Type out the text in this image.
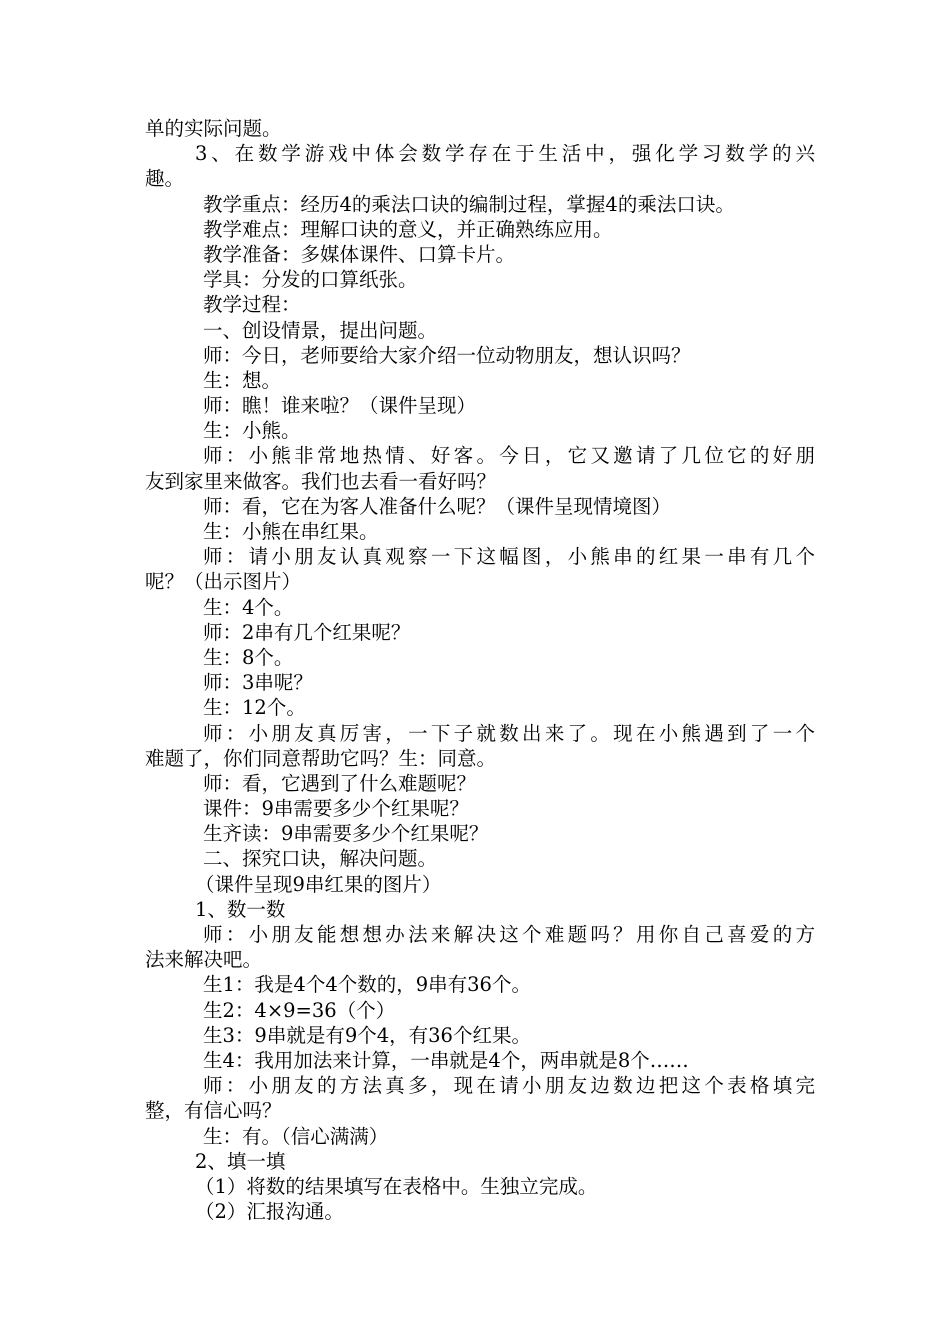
单的实际问题。
3、在数学游戏中体会数学存在于生活中，强化学习数学的兴
趣。
教学重点：经历4的乘法口诀的编制过程，掌握4的乘法口诀。
教学难点：理解口诀的意义，并正确熟练应用。
教学准备：多媒体课件、口算卡片。
学具：分发的口算纸张。
教学过程：
一、创设情景，提出问题。
师：今日，老师要给大家介绍一位动物朋友，想认识吗？
生：想。
师：瞧！谁来啦？（课件呈现）
生：小熊。
师：小熊非常地热情、好客。今日，它又邀请了几位它的好朋
友到家里来做客。我们也去看一看好吗？
师：看，它在为客人准备什么呢？（课件呈现情境图）
生：小熊在串红果。
师：请小朋友认真观察一下这幅图，小熊串的红果一串有几个
呢？（出示图片）
生：4个。
师：2串有几个红果呢？
生：8个。
师：3串呢？
生：12个。
师：小朋友真厉害，一下子就数出来了。现在小熊遇到了一个
难题了，你们同意帮助它吗？生：同意。
师：看，它遇到了什么难题呢？
课件：9串需要多少个红果呢？
生齐读：9串需要多少个红果呢？
二、探究口诀，解决问题。
（课件呈现9串红果的图片）
1、数一数
师：小朋友能想想办法来解决这个难题吗？用你自己喜爱的方
法来解决吧。
生1：我是4个4个数的，9串有36个。
生2：4×9=36（个）
生3：9串就是有9个4，有36个红果。
生4：我用加法来计算，一串就是4个，两串就是8个……
师：小朋友的方法真多，现在请小朋友边数边把这个表格填完
整，有信心吗？
生：有。（信心满满）
2、填一填
（1）将数的结果填写在表格中。生独立完成。
（2）汇报沟通。
